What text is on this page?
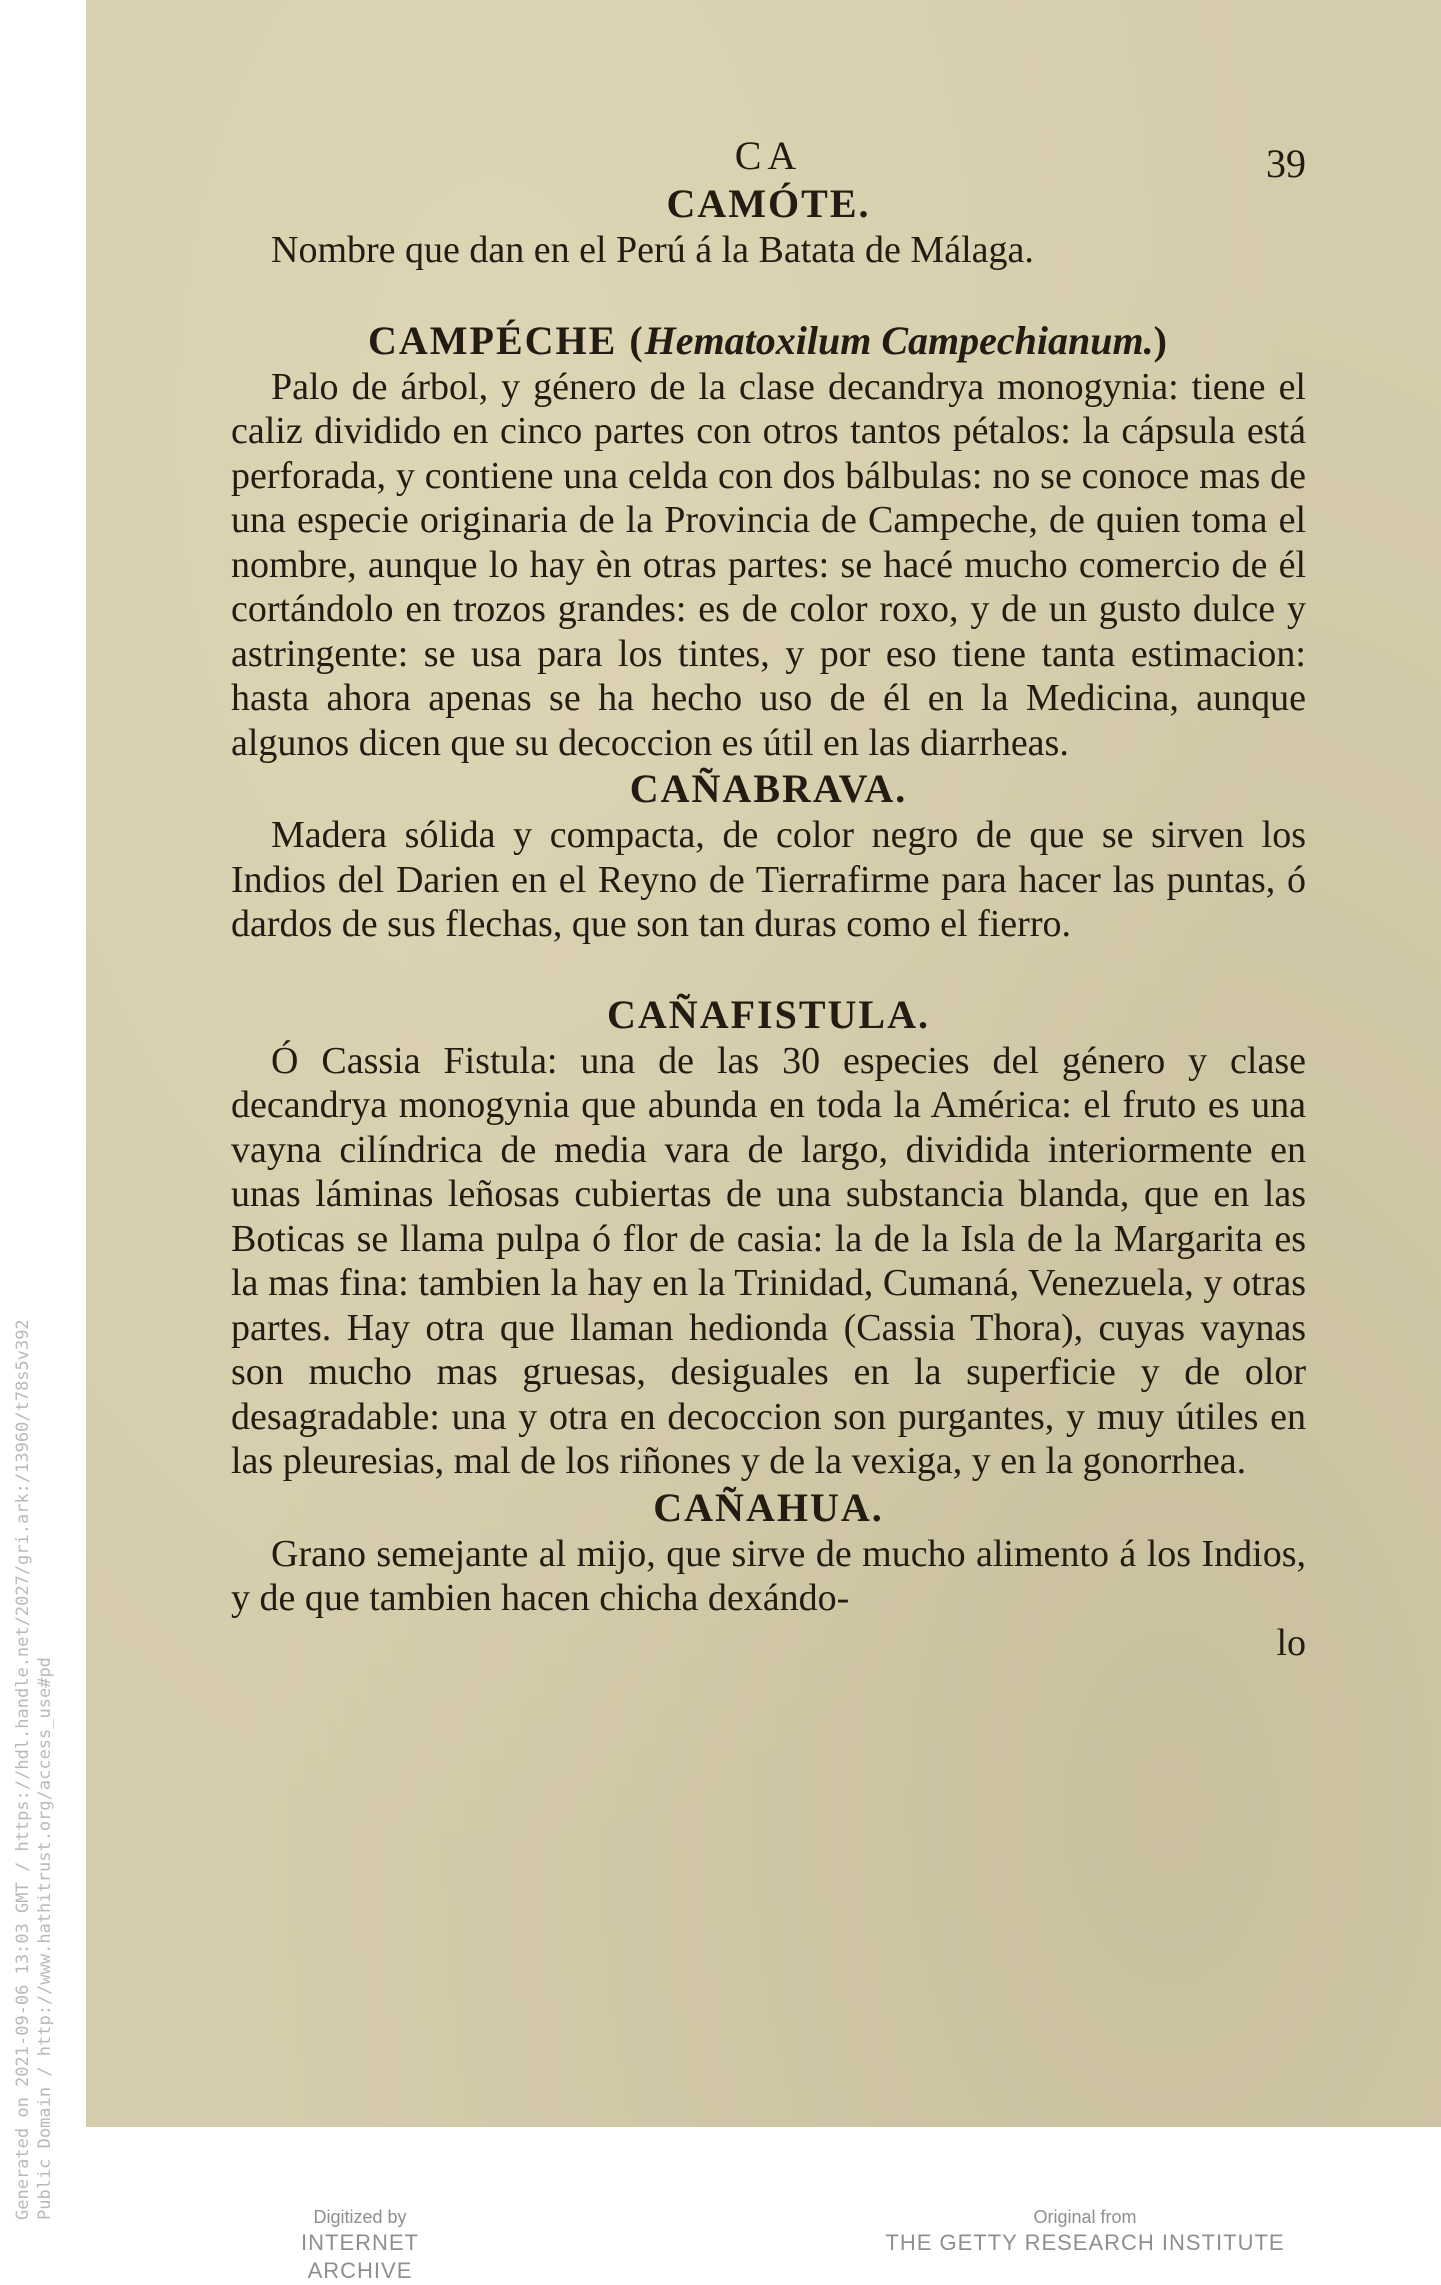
Generated on 2021-09-06 13:03 GMT / https://hdl.handle.net/2027/gri.ark:/13960/t78s5v392 Public Domain / http://www.hathitrust.org/access_use#pd
CA	39
CAMÓTE.

Nombre que dan en el Perú á la Batata de Málaga.

CAMPÉCHE (Hematoxilum Campechianum.)

Palo de árbol, y género de la clase decandrya monogynia: tiene el caliz dividido en cinco partes con otros tantos pétalos: la cápsula está perforada, y contiene una celda con dos bálbulas: no se conoce mas de una especie originaria de la Provincia de Campeche, de quien toma el nombre, aunque lo hay èn otras partes: se hacé mucho comercio de él cortándolo en trozos grandes: es de color roxo, y de un gusto dulce y astringente: se usa para los tintes, y por eso tiene tanta estimacion: hasta ahora apenas se ha hecho uso de él en la Medicina, aunque algunos dicen que su decoccion es útil en las diarrheas.

CAÑABRAVA.

Madera sólida y compacta, de color negro de que se sirven los Indios del Darien en el Reyno de Tierrafirme para hacer las puntas, ó dardos de sus flechas, que son tan duras como el fierro.

CAÑAFISTULA.

Ó Cassia Fistula: una de las 30 especies del género y clase decandrya monogynia que abunda en toda la América: el fruto es una vayna cilíndrica de media vara de largo, dividida interiormente en unas láminas leñosas cubiertas de una substancia blanda, que en las Boticas se llama pulpa ó flor de casia: la de la Isla de la Margarita es la mas fina: tambien la hay en la Trinidad, Cumaná, Venezuela, y otras partes. Hay otra que llaman hedionda (Cassia Thora), cuyas vaynas son mucho mas gruesas, desiguales en la superficie y de olor desagradable: una y otra en decoccion son purgantes, y muy útiles en las pleuresias, mal de los riñones y de la vexiga, y en la gonorrhea.

CAÑAHUA.

Grano semejante al mijo, que sirve de mucho alimento á los Indios, y de que tambien hacen chicha dexándo-

lo

Digitized by
INTERNET ARCHIVE
Original from
THE GETTY RESEARCH INSTITUTE
